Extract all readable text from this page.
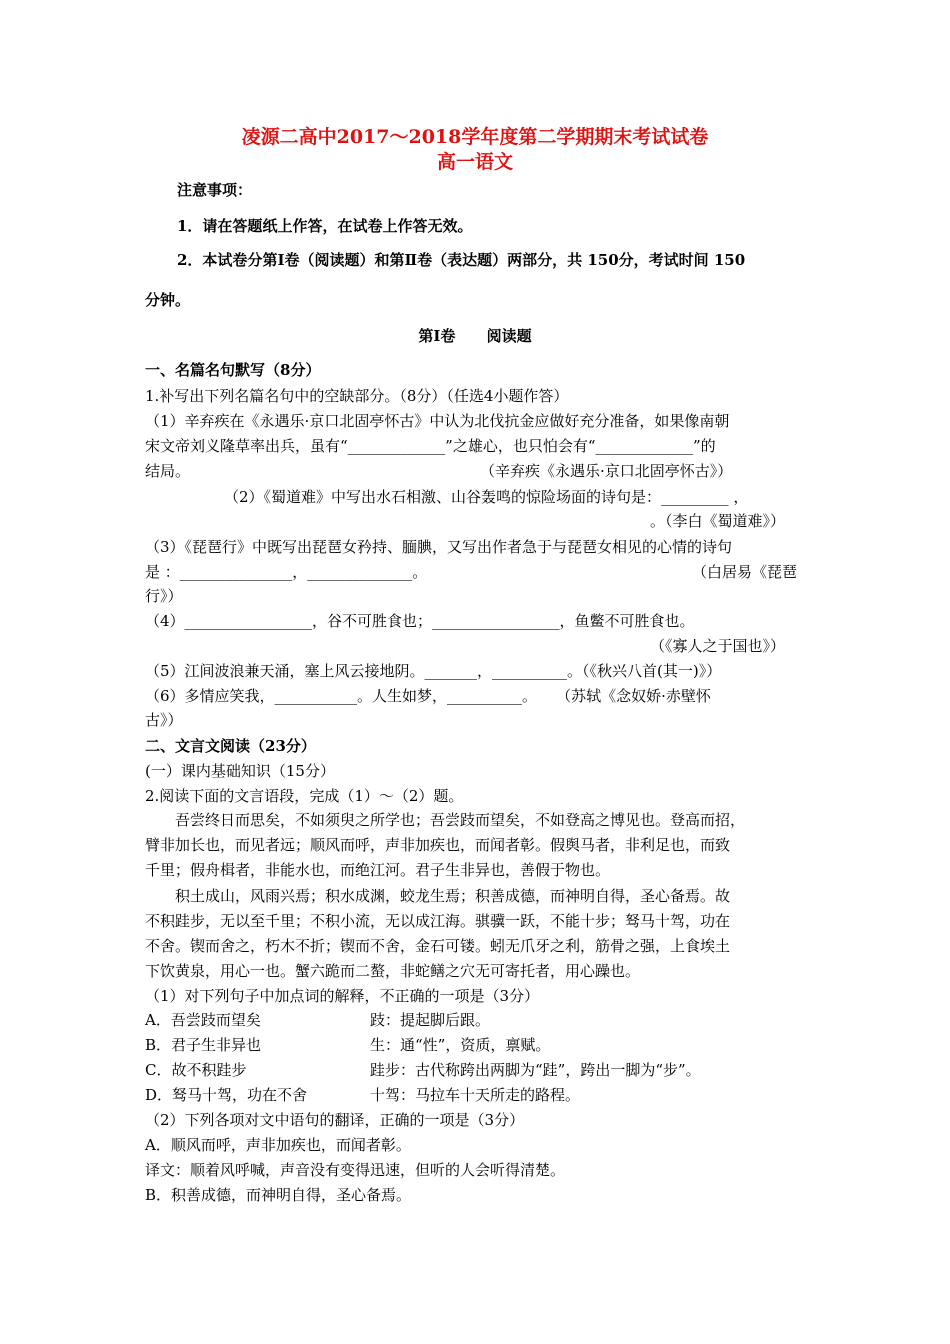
凌源二高中2017～2018学年度第二学期期末考试试卷
高一语文
注意事项：
1．请在答题纸上作答，在试卷上作答无效。
2．本试卷分第Ⅰ卷（阅读题）和第Ⅱ卷（表达题）两部分，共 150分，考试时间 150
分钟。
第Ⅰ卷      阅读题
一、名篇名句默写（8分）
1.补写出下列名篇名句中的空缺部分。（8分）（任选4小题作答）
（1）辛弃疾在《永遇乐·京口北固亭怀古》中认为北伐抗金应做好充分准备，如果像南朝
宋文帝刘义隆草率出兵，虽有“_____________”之雄心，也只怕会有“_____________”的
结局。	（辛弃疾《永遇乐·京口北固亭怀古》）
（2）《蜀道难》中写出水石相激、山谷轰鸣的惊险场面的诗句是：_________ ，
。（李白《蜀道难》）
（3）《琵琶行》中既写出琵琶女矜持、腼腆，又写出作者急于与琵琶女相见的心情的诗句
是 ：_______________，______________。	（白居易《琵琶
行》）
（4）_________________，谷不可胜食也；_________________，鱼鳖不可胜食也。
（《寡人之于国也》）
（5）江间波浪兼天涌，塞上风云接地阴。_______，__________。（《秋兴八首(其一)》）
（6）多情应笑我，___________。人生如梦，__________。    （苏轼《念奴娇·赤壁怀
古》）
二、文言文阅读（23分）
(一）课内基础知识（15分）
2.阅读下面的文言语段，完成（1）～（2）题。
吾尝终日而思矣，不如须臾之所学也；吾尝跂而望矣，不如登高之博见也。登高而招，
臂非加长也，而见者远；顺风而呼，声非加疾也，而闻者彰。假舆马者，非利足也，而致
千里；假舟楫者，非能水也，而绝江河。君子生非异也，善假于物也。
积土成山，风雨兴焉；积水成渊，蛟龙生焉；积善成德，而神明自得，圣心备焉。故
不积跬步，无以至千里；不积小流，无以成江海。骐骥一跃，不能十步；驽马十驾，功在
不舍。锲而舍之，朽木不折；锲而不舍，金石可镂。蚓无爪牙之利，筋骨之强，上食埃土
下饮黄泉，用心一也。蟹六跪而二螯，非蛇鳝之穴无可寄托者，用心躁也。
（1）对下列句子中加点词的解释，不正确的一项是（3分）
A．吾尝跂而望矣	跂：提起脚后跟。
B．君子生非异也	生：通“性”，资质，禀赋。
C．故不积跬步	跬步：古代称跨出两脚为“跬”，跨出一脚为“步”。
D．驽马十驾，功在不舍	十驾：马拉车十天所走的路程。
（2）下列各项对文中语句的翻译，正确的一项是（3分）
A．顺风而呼，声非加疾也，而闻者彰。
译文：顺着风呼喊，声音没有变得迅速，但听的人会听得清楚。
B．积善成德，而神明自得，圣心备焉。
